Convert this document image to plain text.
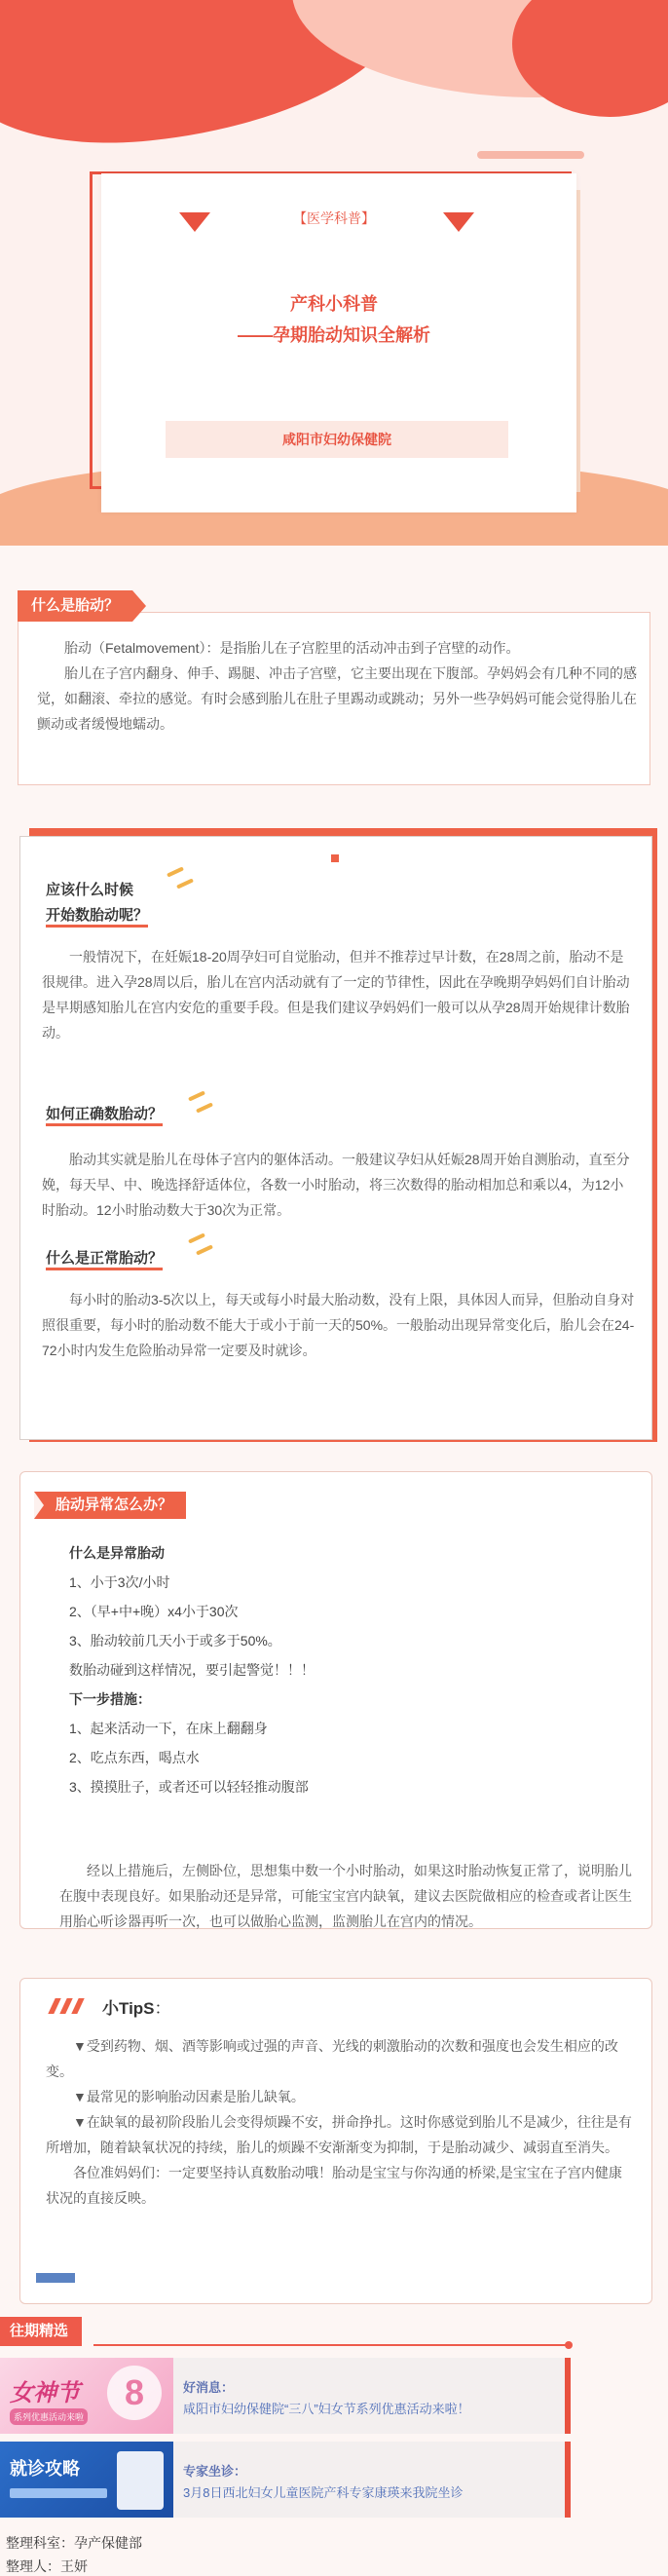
【医学科普】
产科小科普
——孕期胎动知识全解析
咸阳市妇幼保健院
什么是胎动？

胎动（Fetalmovement）：是指胎儿在子宫腔里的活动冲击到子宫壁的动作。

胎儿在子宫内翻身、伸手、踢腿、冲击子宫壁，它主要出现在下腹部。孕妈妈会有几种不同的感觉，如翻滚、牵拉的感觉。有时会感到胎儿在肚子里踢动或跳动；另外一些孕妈妈可能会觉得胎儿在颤动或者缓慢地蠕动。

应该什么时候
开始数胎动呢？

一般情况下，在妊娠18-20周孕妇可自觉胎动，但并不推荐过早计数，在28周之前，胎动不是很规律。进入孕28周以后，胎儿在宫内活动就有了一定的节律性，因此在孕晚期孕妈妈们自计胎动是早期感知胎儿在宫内安危的重要手段。但是我们建议孕妈妈们一般可以从孕28周开始规律计数胎动。

如何正确数胎动？

胎动其实就是胎儿在母体子宫内的躯体活动。一般建议孕妇从妊娠28周开始自测胎动，直至分娩，每天早、中、晚选择舒适体位，各数一小时胎动，将三次数得的胎动相加总和乘以4，为12小时胎动。12小时胎动数大于30次为正常。

什么是正常胎动？

每小时的胎动3-5次以上，每天或每小时最大胎动数，没有上限，具体因人而异，但胎动自身对照很重要，每小时的胎动数不能大于或小于前一天的50%。一般胎动出现异常变化后，胎儿会在24-72小时内发生危险胎动异常一定要及时就诊。

胎动异常怎么办？
什么是异常胎动
1、小于3次/小时
2、（早+中+晚）x4小于30次
3、胎动较前几天小于或多于50%。
数胎动碰到这样情况，要引起警觉！！！
下一步措施：
1、起来活动一下，在床上翻翻身
2、吃点东西，喝点水
3、摸摸肚子，或者还可以轻轻推动腹部

经以上措施后，左侧卧位，思想集中数一个小时胎动，如果这时胎动恢复正常了，说明胎儿在腹中表现良好。如果胎动还是异常，可能宝宝宫内缺氧，建议去医院做相应的检查或者让医生用胎心听诊器再听一次，也可以做胎心监测，监测胎儿在宫内的情况。

小TipS：

▼受到药物、烟、酒等影响或过强的声音、光线的刺激胎动的次数和强度也会发生相应的改变。

▼最常见的影响胎动因素是胎儿缺氧。

▼在缺氧的最初阶段胎儿会变得烦躁不安，拼命挣扎。这时你感觉到胎儿不是减少，往往是有所增加，随着缺氧状况的持续，胎儿的烦躁不安渐渐变为抑制，于是胎动减少、减弱直至消失。

各位准妈妈们：一定要坚持认真数胎动哦！胎动是宝宝与你沟通的桥梁,是宝宝在子宫内健康状况的直接反映。

往期精选
女神节	8
系列优惠活动来啦
好消息：
咸阳市妇幼保健院“三八”妇女节系列优惠活动来啦！
就诊攻略	专家坐诊：
3月8日西北妇女儿童医院产科专家康瑛来我院坐诊
整理科室：孕产保健部
整理人：王妍
